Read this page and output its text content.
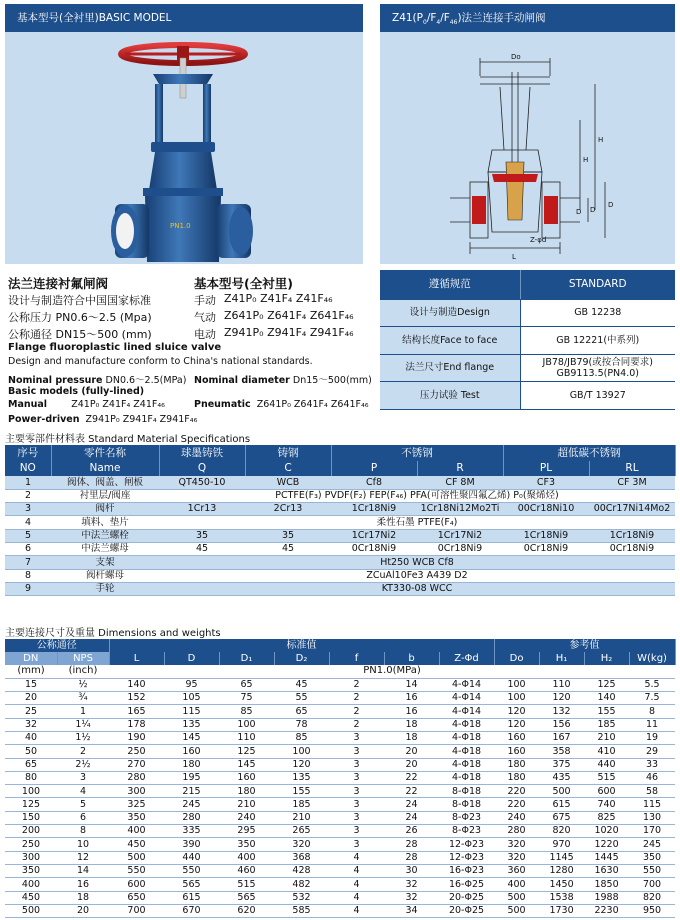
基本型号(全衬里)BASIC MODEL	$Z41(P_0/F_4/F_{46})$法兰连接手动闸阀
PN1.0
Do
H
H
D
D
D
L
Z-φd
法兰连接衬氟闸阀	基本型号(全衬里)
设计与制造符合中国国家标准
公称压力 PN0.6～2.5 (Mpa)
公称通径 DN15～500 (mm)
手动 Z41P₀ Z41F₄ Z41F₄₆
气动 Z641P₀ Z641F₄ Z641F₄₆
电动 Z941P₀ Z941F₄ Z941F₄₆
Flange fluoroplastic lined sluice valve
Design and manufacture conform to China's national standards.
Nominal pressure DN0.6～2.5(MPa) Nominal diameter Dn15～500(mm)
Basic models (fully-lined)
Manual	Z41P₀ Z41F₄ Z41F₄₆	Pneumatic Z641P₀ Z641F₄ Z641F₄₆
Power-driven Z941P₀ Z941F₄ Z941F₄₆
遵循规范	STANDARD
设计与制造Design	GB 12238
结构长度Face to face	GB 12221(中系列)
法兰尺寸End flange	JB78/JB79(或按合同要求)
GB9113.5(PN4.0)
压力试验 Test	GB/T 13927
主要零部件材料表 Standard Material Specifications
序号	零件名称	球墨铸铁	铸钢	不锈钢		超低碳不锈钢	
NO	Name	Q	C	P	R	PL	RL
1	阀体、阀盖、闸板	QT450-10	WCB	Cf8	CF 8M	CF3	CF 3M
2	衬里层/阀座	PCTFE(F₃) PVDF(F₂) FEP(F₄₆) PFA(可溶性聚四氟乙烯) P₀(聚烯烃)					
3	阀杆	1Cr13	2Cr13	1Cr18Ni9	1Cr18Ni12Mo2Ti	00Cr18Ni10	00Cr17Ni14Mo2
4	填料、垫片	柔性石墨 PTFE(F₄)					
5	中法兰螺栓	35	35	1Cr17Ni2	1Cr17Ni2	1Cr18Ni9	1Cr18Ni9
6	中法兰螺母	45	45	0Cr18Ni9	0Cr18Ni9	0Cr18Ni9	0Cr18Ni9
7	支架	Ht250 WCB Cf8					
8	阀杆螺母	ZCuAl10Fe3 A439 D2					
9	手轮	KT330-08 WCC					
主要连接尺寸及重量 Dimensions and weights
公称通径		标准值							参考值			
DN	NPS	L	D	D₁	D₂	f	b	Z-Φd	Do	H₁	H₂	W(kg)
(mm)	(inch)	PN1.0(MPa)										
15	½	140	95	65	45	2	14	4-Φ14	100	110	125	5.5
20	¾	152	105	75	55	2	16	4-Φ14	100	120	140	7.5
25	1	165	115	85	65	2	16	4-Φ14	120	132	155	8
32	1¼	178	135	100	78	2	18	4-Φ18	120	156	185	11
40	1½	190	145	110	85	3	18	4-Φ18	160	167	210	19
50	2	250	160	125	100	3	20	4-Φ18	160	358	410	29
65	2½	270	180	145	120	3	20	4-Φ18	180	375	440	33
80	3	280	195	160	135	3	22	4-Φ18	180	435	515	46
100	4	300	215	180	155	3	22	8-Φ18	220	500	600	58
125	5	325	245	210	185	3	24	8-Φ18	220	615	740	115
150	6	350	280	240	210	3	24	8-Φ23	240	675	825	130
200	8	400	335	295	265	3	26	8-Φ23	280	820	1020	170
250	10	450	390	350	320	3	28	12-Φ23	320	970	1220	245
300	12	500	440	400	368	4	28	12-Φ23	320	1145	1445	350
350	14	550	550	460	428	4	30	16-Φ23	360	1280	1630	550
400	16	600	565	515	482	4	32	16-Φ25	400	1450	1850	700
450	18	650	615	565	532	4	32	20-Φ25	500	1538	1988	820
500	20	700	670	620	585	4	34	20-Φ25	500	1730	2230	950
